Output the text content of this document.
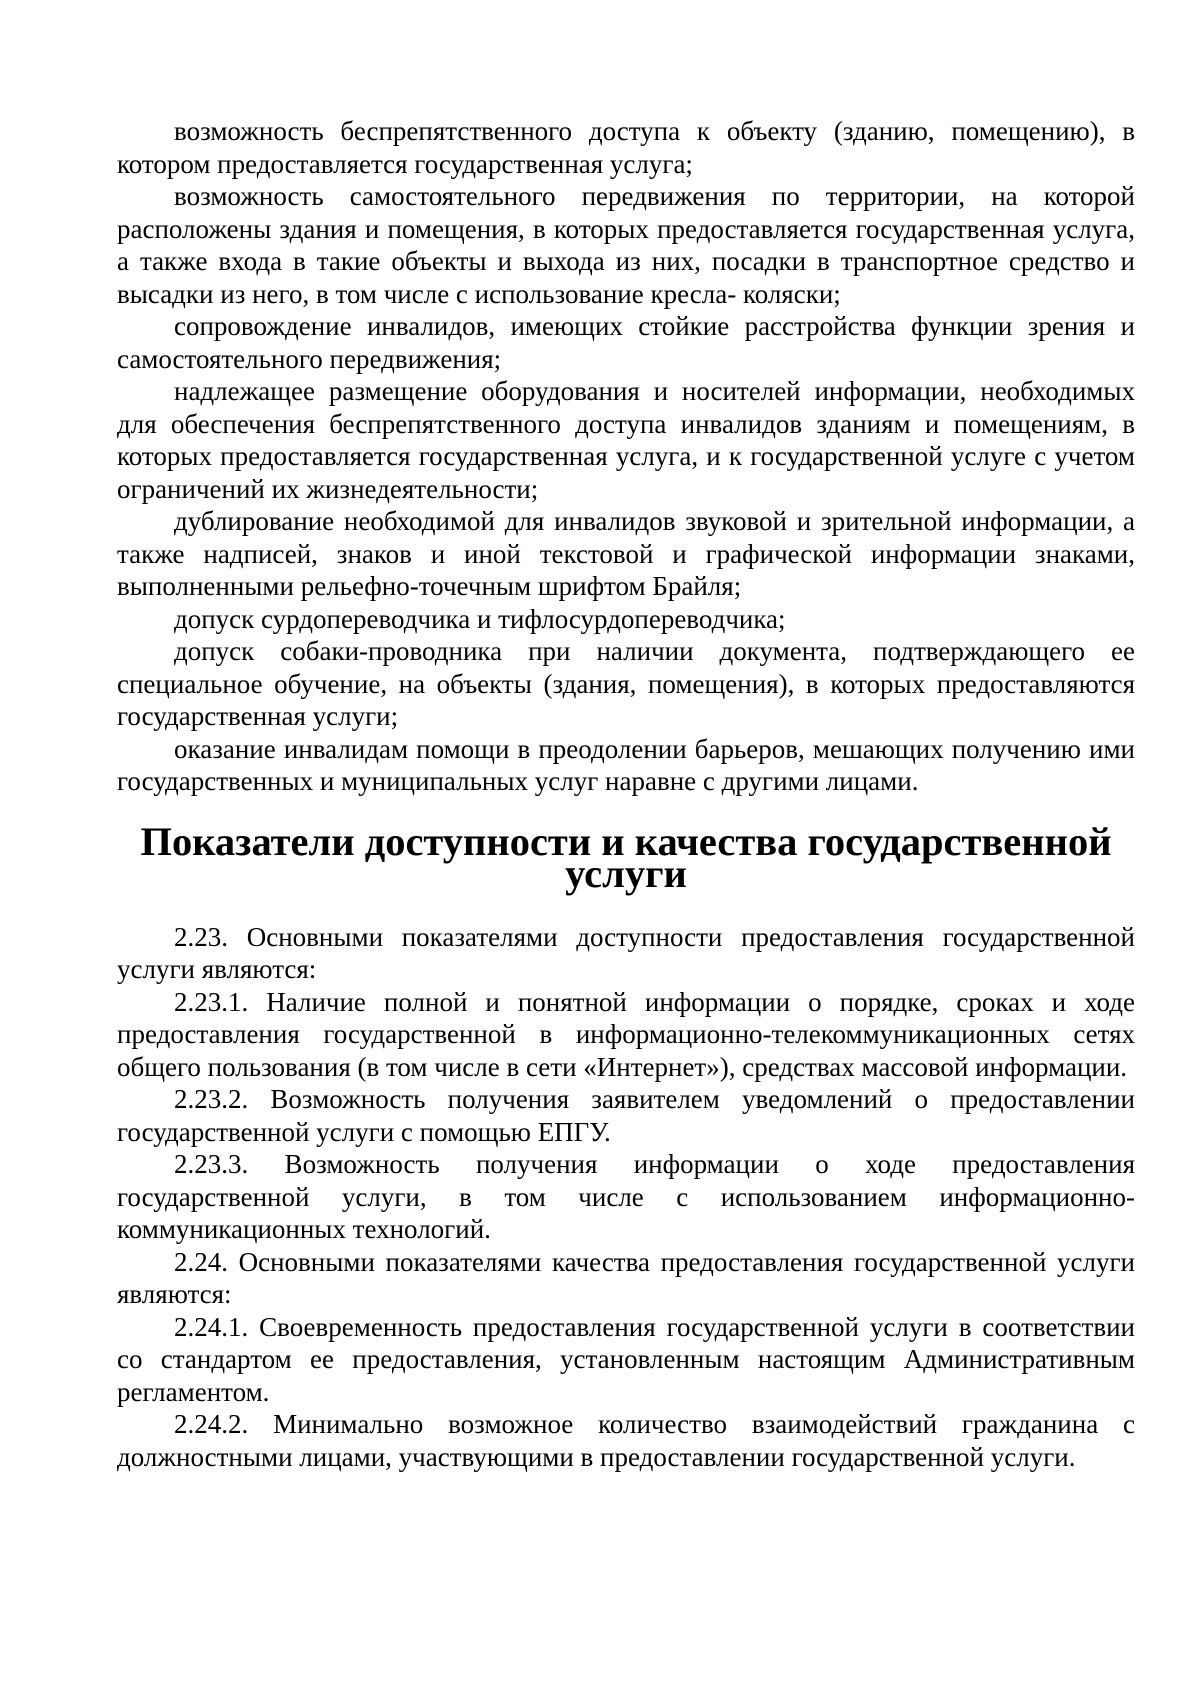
возможность беспрепятственного доступа к объекту (зданию, помещению), в котором предоставляется государственная услуга;

возможность самостоятельного передвижения по территории, на которой расположены здания и помещения, в которых предоставляется государственная услуга, а также входа в такие объекты и выхода из них, посадки в транспортное средство и высадки из него, в том числе с использование кресла- коляски;

сопровождение инвалидов, имеющих стойкие расстройства функции зрения и самостоятельного передвижения;

надлежащее размещение оборудования и носителей информации, необходимых для обеспечения беспрепятственного доступа инвалидов зданиям и помещениям, в которых предоставляется государственная услуга, и к государственной услуге с учетом ограничений их жизнедеятельности;

дублирование необходимой для инвалидов звуковой и зрительной информации, а также надписей, знаков и иной текстовой и графической информации знаками, выполненными рельефно-точечным шрифтом Брайля;

допуск сурдопереводчика и тифлосурдопереводчика;

допуск собаки-проводника при наличии документа, подтверждающего ее специальное обучение, на объекты (здания, помещения), в которых предоставляются государственная услуги;

оказание инвалидам помощи в преодолении барьеров, мешающих получению ими государственных и муниципальных услуг наравне с другими лицами.

Показатели доступности и качества государственной услуги

2.23. Основными показателями доступности предоставления государственной услуги являются:

2.23.1. Наличие полной и понятной информации о порядке, сроках и ходе предоставления государственной в информационно-телекоммуникационных сетях общего пользования (в том числе в сети «Интернет»), средствах массовой информации.

2.23.2. Возможность получения заявителем уведомлений о предоставлении государственной услуги с помощью ЕПГУ.

2.23.3. Возможность получения информации о ходе предоставления государственной услуги, в том числе с использованием информационно-коммуникационных технологий.

2.24. Основными показателями качества предоставления государственной услуги являются:

2.24.1. Своевременность предоставления государственной услуги в соответствии со стандартом ее предоставления, установленным настоящим Административным регламентом.

2.24.2. Минимально возможное количество взаимодействий гражданина с должностными лицами, участвующими в предоставлении государственной услуги.
